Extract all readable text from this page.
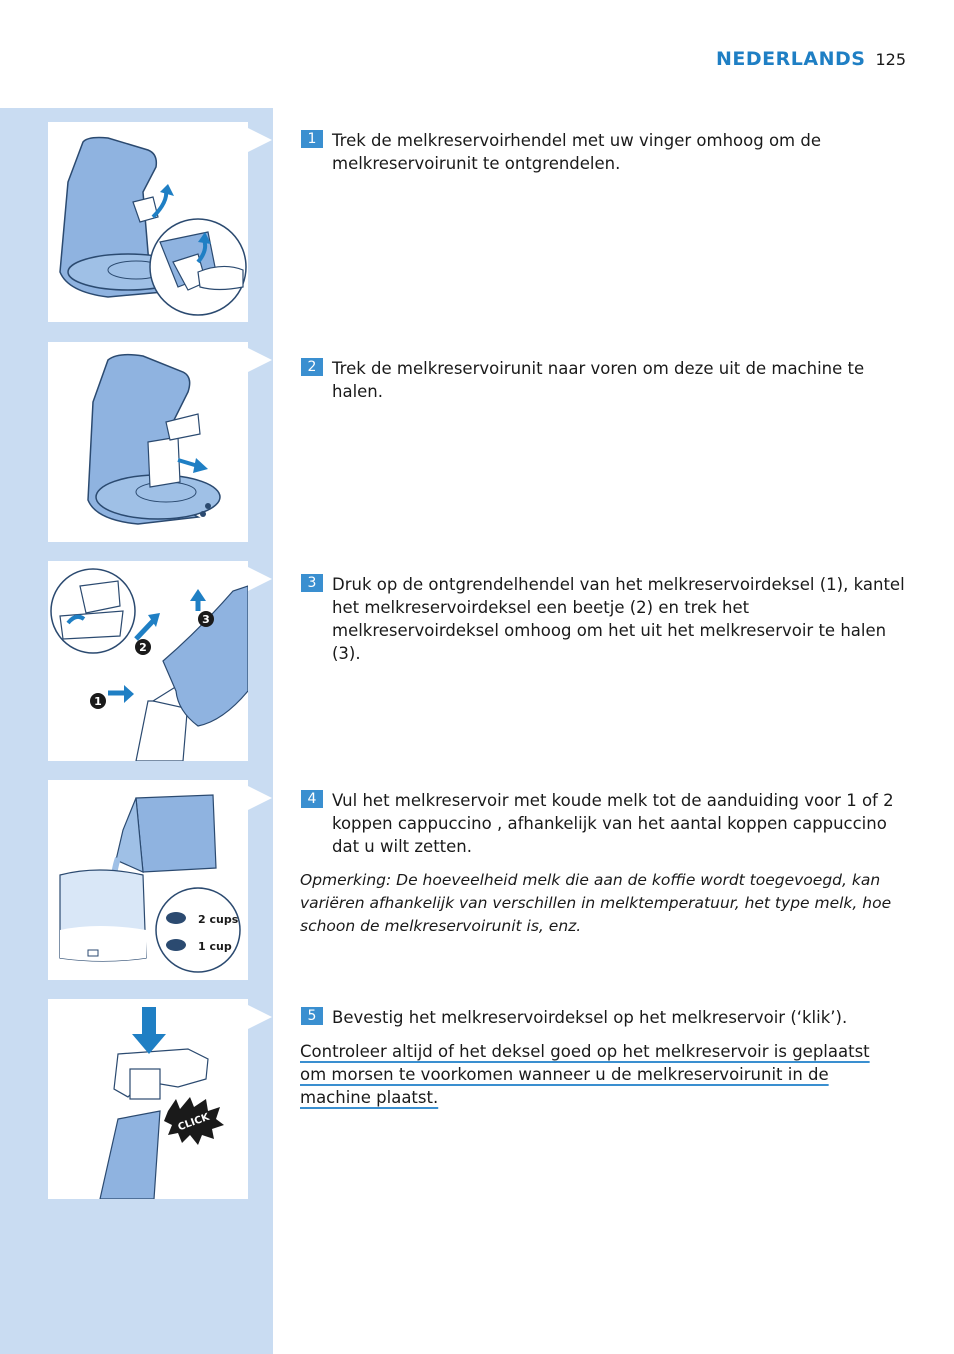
NEDERLANDS 125
1
2
3
2 cups
1 cup
CLICK
1 Trek de melkreservoirhendel met uw vinger omhoog om de melkreservoirunit te ontgrendelen.
2 Trek de melkreservoirunit naar voren om deze uit de machine te halen.
3 Druk op de ontgrendelhendel van het melkreservoirdeksel (1), kantel het melkreservoirdeksel een beetje (2) en trek het melkreservoirdeksel omhoog om het uit het melkreservoir te halen (3).
4 Vul het melkreservoir met koude melk tot de aanduiding voor 1 of 2 koppen cappuccino , afhankelijk van het aantal koppen cappuccino dat u wilt zetten.
Opmerking: De hoeveelheid melk die aan de koffie wordt toegevoegd, kan variëren afhankelijk van verschillen in melktemperatuur, het type melk, hoe schoon de melkreservoirunit is, enz.
5 Bevestig het melkreservoirdeksel op het melkreservoir (‘klik’).
Controleer altijd of het deksel goed op het melkreservoir is geplaatst om morsen te voorkomen wanneer u de melkreservoirunit in de machine plaatst.
